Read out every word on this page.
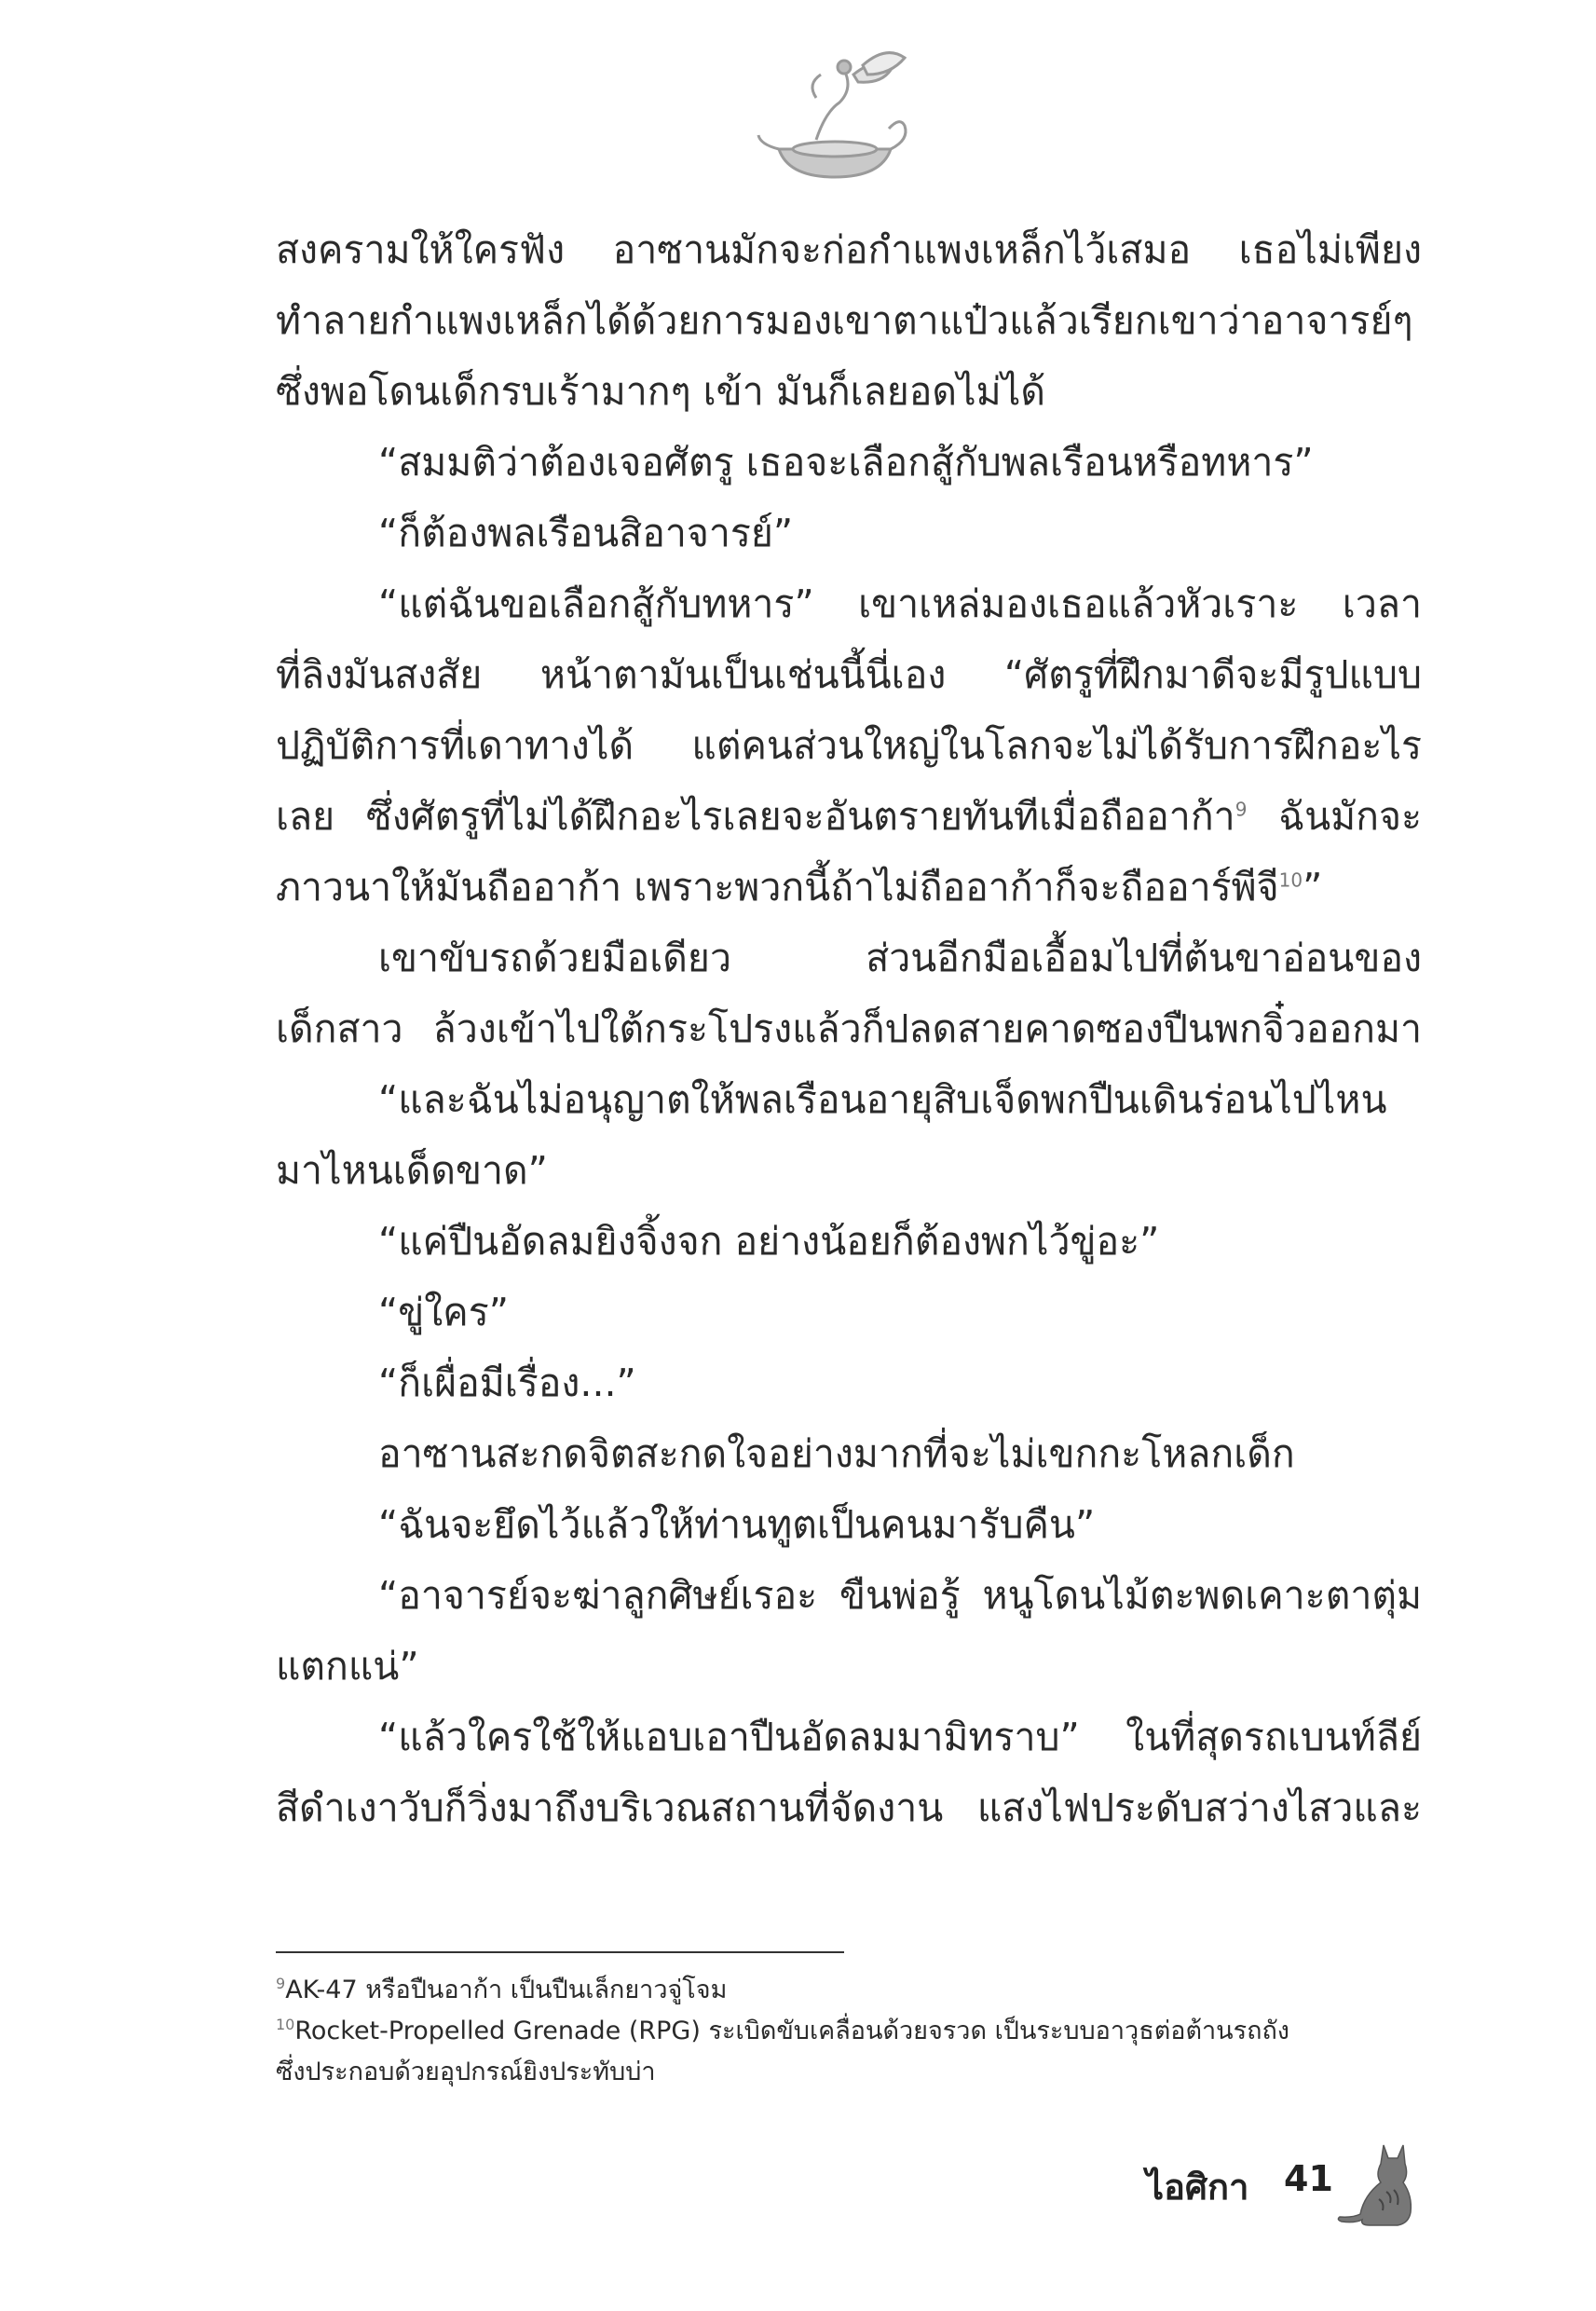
สงครามให้ใครฟัง อาซานมักจะก่อกำแพงเหล็กไว้เสมอ เธอไม่เพียง
ทำลายกำแพงเหล็กได้ด้วยการมองเขาตาแป๋วแล้วเรียกเขาว่าอาจารย์ๆ
ซึ่งพอโดนเด็กรบเร้ามากๆ เข้า มันก็เลยอดไม่ได้
“สมมติว่าต้องเจอศัตรู เธอจะเลือกสู้กับพลเรือนหรือทหาร”
“ก็ต้องพลเรือนสิอาจารย์”
“แต่ฉันขอเลือกสู้กับทหาร” เขาเหล่มองเธอแล้วหัวเราะ เวลา
ที่ลิงมันสงสัย หน้าตามันเป็นเช่นนี้นี่เอง “ศัตรูที่ฝึกมาดีจะมีรูปแบบ
ปฏิบัติการที่เดาทางได้ แต่คนส่วนใหญ่ในโลกจะไม่ได้รับการฝึกอะไร
เลย ซึ่งศัตรูที่ไม่ได้ฝึกอะไรเลยจะอันตรายทันทีเมื่อถืออาก้า$^9$ ฉันมักจะ
ภาวนาให้มันถืออาก้า เพราะพวกนี้ถ้าไม่ถืออาก้าก็จะถืออาร์พีจี$^{10}$”
เขาขับรถด้วยมือเดียว ส่วนอีกมือเอื้อมไปที่ต้นขาอ่อนของ
เด็กสาว ล้วงเข้าไปใต้กระโปรงแล้วก็ปลดสายคาดซองปืนพกจิ๋วออกมา
“และฉันไม่อนุญาตให้พลเรือนอายุสิบเจ็ดพกปืนเดินร่อนไปไหน
มาไหนเด็ดขาด”
“แค่ปืนอัดลมยิงจิ้งจก อย่างน้อยก็ต้องพกไว้ขู่อะ”
“ขู่ใคร”
“ก็เผื่อมีเรื่อง...”
อาซานสะกดจิตสะกดใจอย่างมากที่จะไม่เขกกะโหลกเด็ก
“ฉันจะยึดไว้แล้วให้ท่านทูตเป็นคนมารับคืน”
“อาจารย์จะฆ่าลูกศิษย์เรอะ ขืนพ่อรู้ หนูโดนไม้ตะพดเคาะตาตุ่ม
แตกแน่”
“แล้วใครใช้ให้แอบเอาปืนอัดลมมามิทราบ” ในที่สุดรถเบนท์ลีย์
สีดำเงาวับก็วิ่งมาถึงบริเวณสถานที่จัดงาน แสงไฟประดับสว่างไสวและ
$^9$AK-47 หรือปืนอาก้า เป็นปืนเล็กยาวจู่โจม
$^{10}$Rocket-Propelled Grenade (RPG) ระเบิดขับเคลื่อนด้วยจรวด เป็นระบบอาวุธต่อต้านรถถัง
ซึ่งประกอบด้วยอุปกรณ์ยิงประทับบ่า
ไอศิกา 41
